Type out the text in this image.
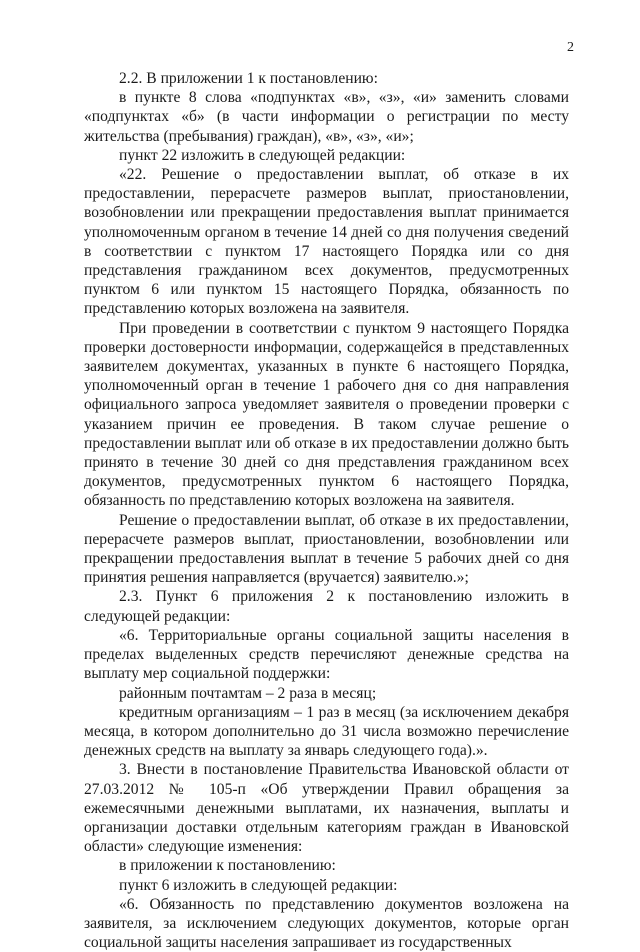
2

2.2. В приложении 1 к постановлению:

в пункте 8 слова «подпунктах «в», «з», «и» заменить словами «подпунктах «б» (в части информации о регистрации по месту жительства (пребывания) граждан), «в», «з», «и»;

пункт 22 изложить в следующей редакции:

«22. Решение о предоставлении выплат, об отказе в их предоставлении, перерасчете размеров выплат, приостановлении, возобновлении или прекращении предоставления выплат принимается уполномоченным органом в течение 14 дней со дня получения сведений в соответствии с пунктом 17 настоящего Порядка или со дня представления гражданином всех документов, предусмотренных пунктом 6 или пунктом 15 настоящего Порядка, обязанность по представлению которых возложена на заявителя.

При проведении в соответствии с пунктом 9 настоящего Порядка проверки достоверности информации, содержащейся в представленных заявителем документах, указанных в пункте 6 настоящего Порядка, уполномоченный орган в течение 1 рабочего дня со дня направления официального запроса уведомляет заявителя о проведении проверки с указанием причин ее проведения. В таком случае решение о предоставлении выплат или об отказе в их предоставлении должно быть принято в течение 30 дней со дня представления гражданином всех документов, предусмотренных пунктом 6 настоящего Порядка, обязанность по представлению которых возложена на заявителя.

Решение о предоставлении выплат, об отказе в их предоставлении, перерасчете размеров выплат, приостановлении, возобновлении или прекращении предоставления выплат в течение 5 рабочих дней со дня принятия решения направляется (вручается) заявителю.»;

2.3. Пункт 6 приложения 2 к постановлению изложить в следующей редакции:

«6. Территориальные органы социальной защиты населения в пределах выделенных средств перечисляют денежные средства на выплату мер социальной поддержки:

районным почтамтам – 2 раза в месяц;

кредитным организациям – 1 раз в месяц (за исключением декабря месяца, в котором дополнительно до 31 числа возможно перечисление денежных средств на выплату за январь следующего года).».

3. Внести в постановление Правительства Ивановской области от 27.03.2012 № 105-п «Об утверждении Правил обращения за ежемесячными денежными выплатами, их назначения, выплаты и организации доставки отдельным категориям граждан в Ивановской области» следующие изменения:

в приложении к постановлению:

пункт 6 изложить в следующей редакции:

«6. Обязанность по представлению документов возложена на заявителя, за исключением следующих документов, которые орган социальной защиты населения запрашивает из государственных
